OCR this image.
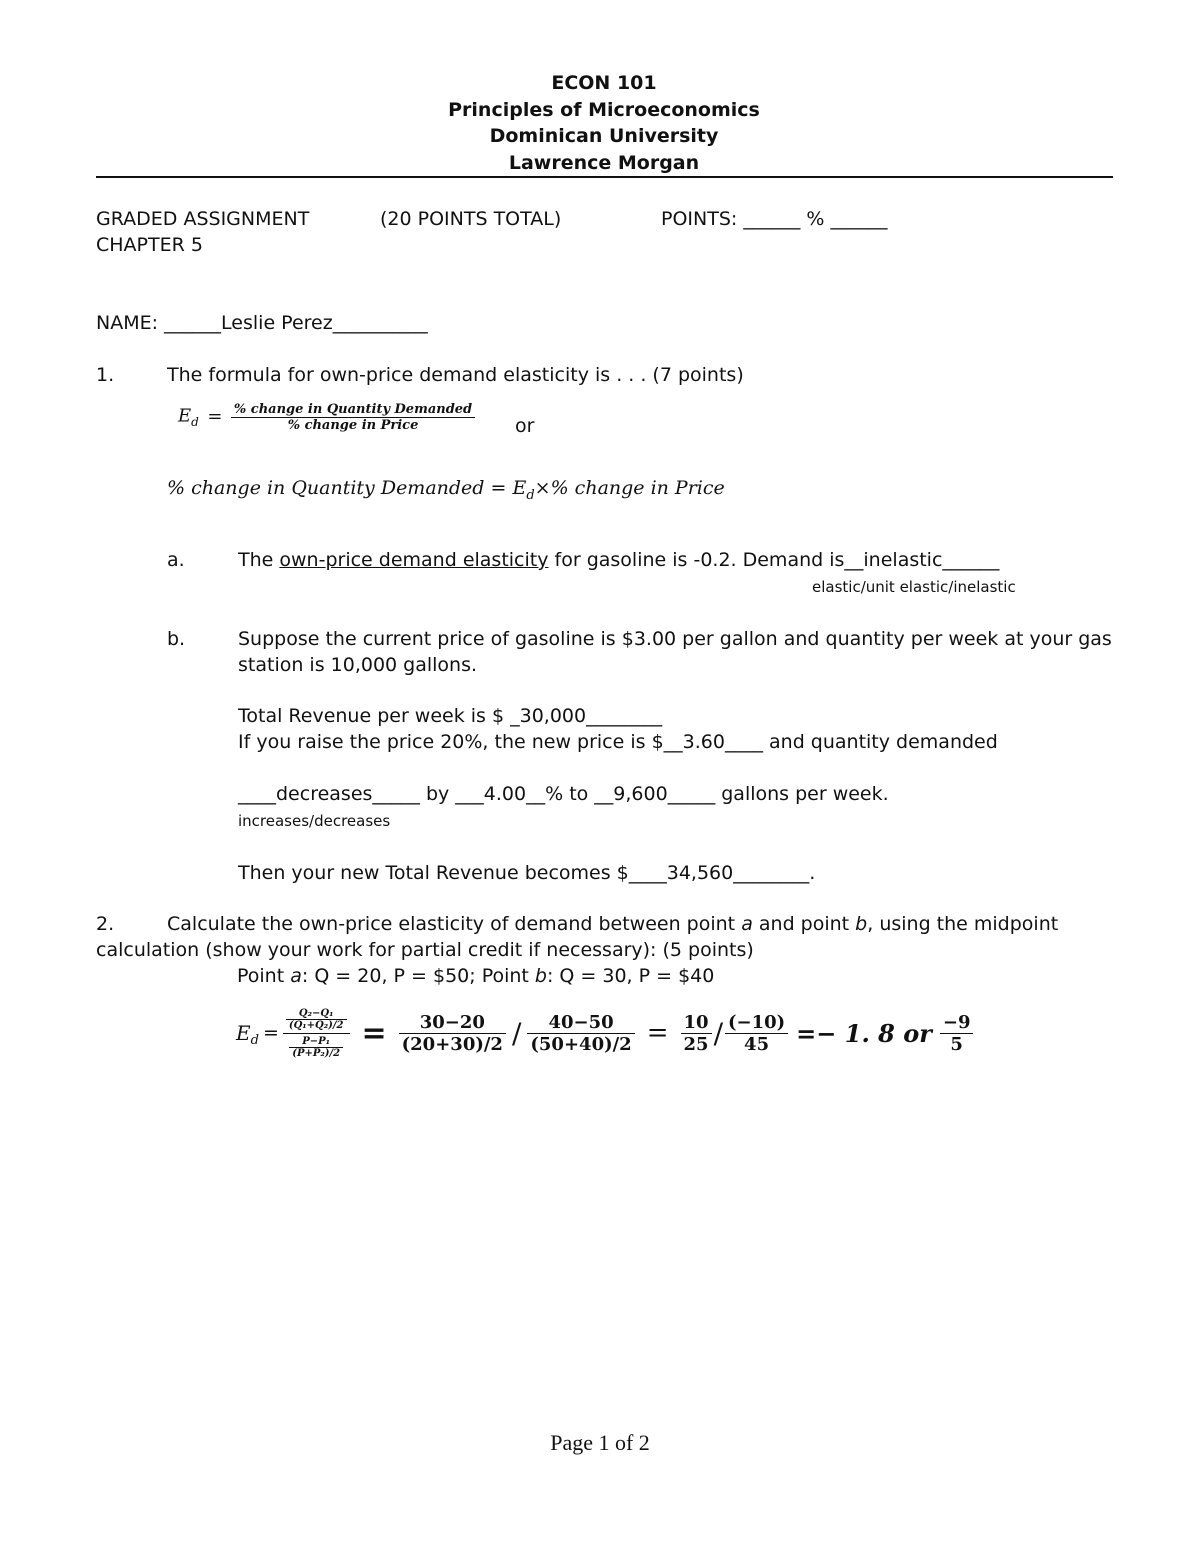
ECON 101
Principles of Microeconomics
Dominican University
Lawrence Morgan
GRADED ASSIGNMENT	(20 POINTS TOTAL)	POINTS: ______ % ______
CHAPTER 5
NAME: ______Leslie Perez__________
1.	The formula for own-price demand elasticity is . . . (7 points)
$E_d = \frac{\text{\% change in Quantity Demanded}}{\text{\% change in Price}}$ or
% change in Quantity Demanded = $E_d\times\%$ change in Price
a.	The own-price demand elasticity for gasoline is -0.2. Demand is__inelastic______
elastic/unit elastic/inelastic
b.	Suppose the current price of gasoline is $3.00 per gallon and quantity per week at your gas
station is 10,000 gallons.
Total Revenue per week is $ _30,000________
If you raise the price 20%, the new price is $__3.60____ and quantity demanded
____decreases_____ by ___4.00__% to __9,600_____ gallons per week.
increases/decreases
Then your new Total Revenue becomes $____34,560________.
2.	Calculate the own-price elasticity of demand between point a and point b, using the midpoint
calculation (show your work for partial credit if necessary): (5 points)
Point a: Q = 20, P = $50; Point b: Q = 30, P = $40
$E_d = \frac{\frac{\text{Q₂−Q₁}}{\text{(Q₁+Q₂)/2}}}{\frac{\text{P−P₁}}{\text{(P+P₂)/2}}} = \frac{30-20}{(20+30)/2} / \frac{40-50}{(50+40)/2} = \frac{10}{25} / \frac{(-10)}{45} =- 1$. 8 or $\frac{-9}{5}$
Page 1 of 2
